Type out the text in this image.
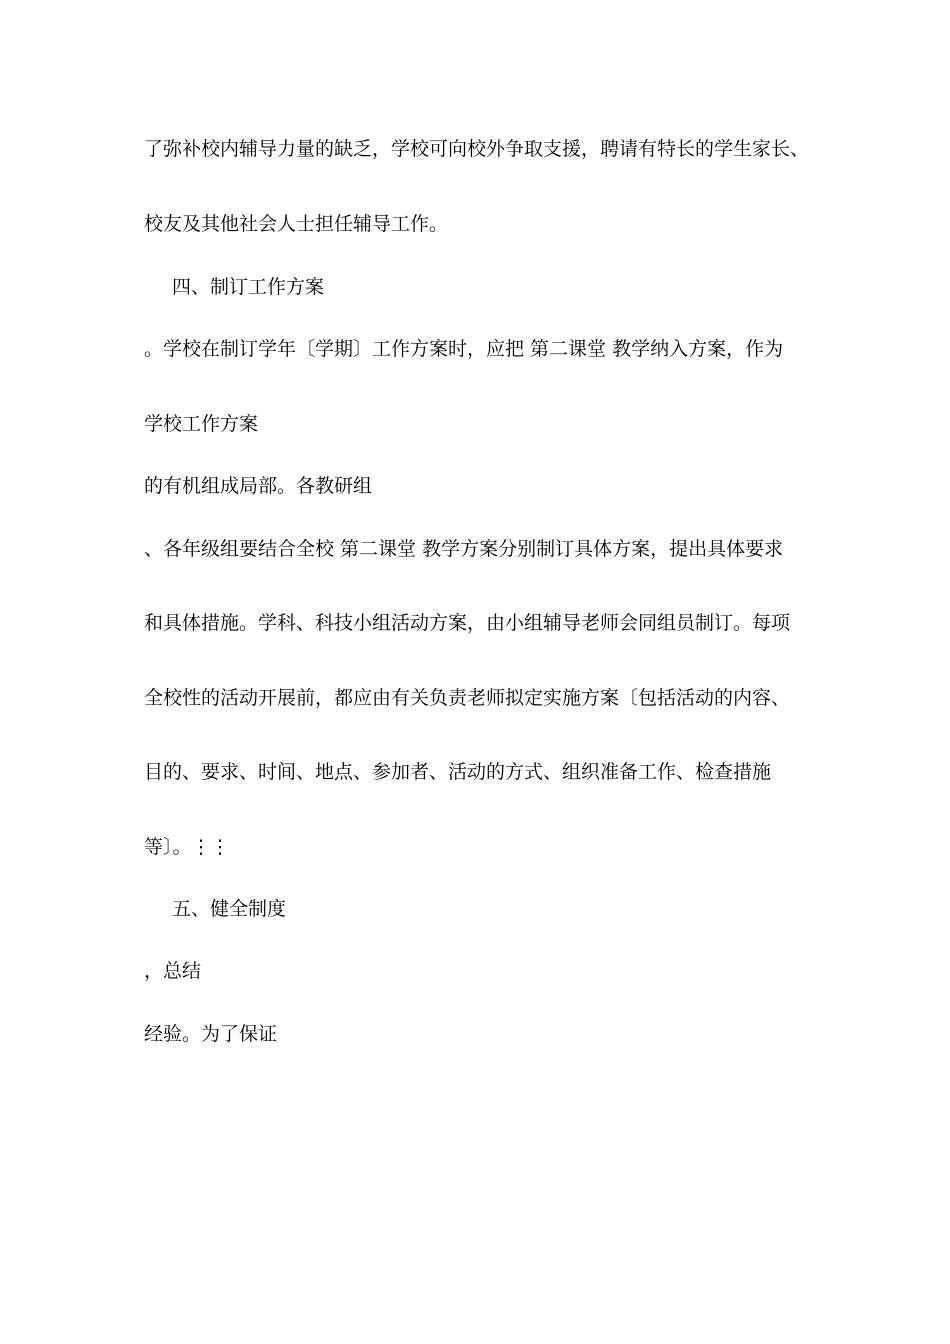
了弥补校内辅导力量的缺乏，学校可向校外争取支援，聘请有特长的学生家长、
校友及其他社会人士担任辅导工作。
四、制订工作方案
。学校在制订学年〔学期〕工作方案时，应把 第二课堂 教学纳入方案，作为
学校工作方案
的有机组成局部。各教研组
、各年级组要结合全校 第二课堂 教学方案分别制订具体方案，提出具体要求
和具体措施。学科、科技小组活动方案，由小组辅导老师会同组员制订。每项
全校性的活动开展前，都应由有关负责老师拟定实施方案〔包括活动的内容、
目的、要求、时间、地点、参加者、活动的方式、组织准备工作、检查措施
等〕。⋮⋮
五、健全制度
，总结
经验。为了保证
